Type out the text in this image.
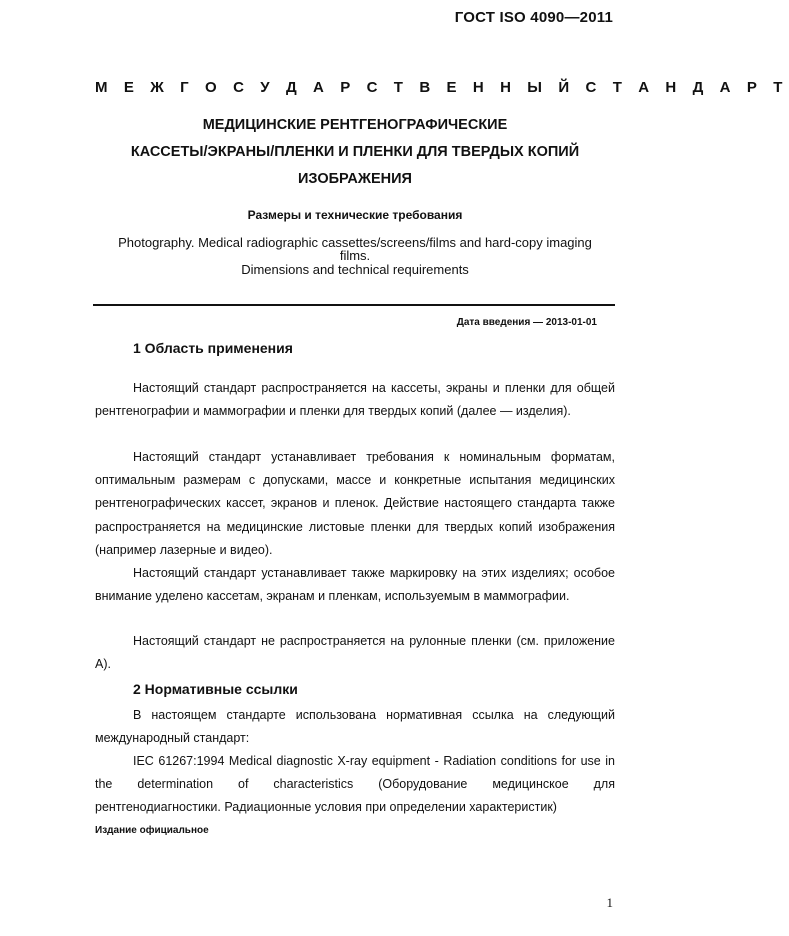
ГОСТ ISO 4090—2011
М Е Ж Г О С У Д А Р С Т В Е Н Н Ы Й С Т А Н Д А Р Т
МЕДИЦИНСКИЕ РЕНТГЕНОГРАФИЧЕСКИЕ
КАССЕТЫ/ЭКРАНЫ/ПЛЕНКИ И ПЛЕНКИ ДЛЯ ТВЕРДЫХ КОПИЙ
ИЗОБРАЖЕНИЯ
Размеры и технические требования
Photography. Medical radiographic cassettes/screens/films and hard-copy imaging
films.
Dimensions and technical requirements
Дата введения — 2013-01-01
1 Область применения

Настоящий стандарт распространяется на кассеты, экраны и пленки для общей рентгенографии и маммографии и пленки для твердых копий (далее — изделия).

Настоящий стандарт устанавливает требования к номинальным форматам, оптимальным размерам с допусками, массе и конкретные испытания медицинских рентгенографических кассет, экранов и пленок. Действие настоящего стандарта также распространяется на медицинские листовые пленки для твердых копий изображения (например лазерные и видео).

Настоящий стандарт устанавливает также маркировку на этих изделиях; особое внимание уделено кассетам, экранам и пленкам, используемым в маммографии.

Настоящий стандарт не распространяется на рулонные пленки (см. приложение А).

2 Нормативные ссылки

В настоящем стандарте использована нормативная ссылка на следующий международный стандарт:

IEC 61267:1994 Medical diagnostic X-ray equipment - Radiation conditions for use in the determination of characteristics (Оборудование медицинское для рентгенодиагностики. Радиационные условия при определении характеристик)

Издание официальное
1
